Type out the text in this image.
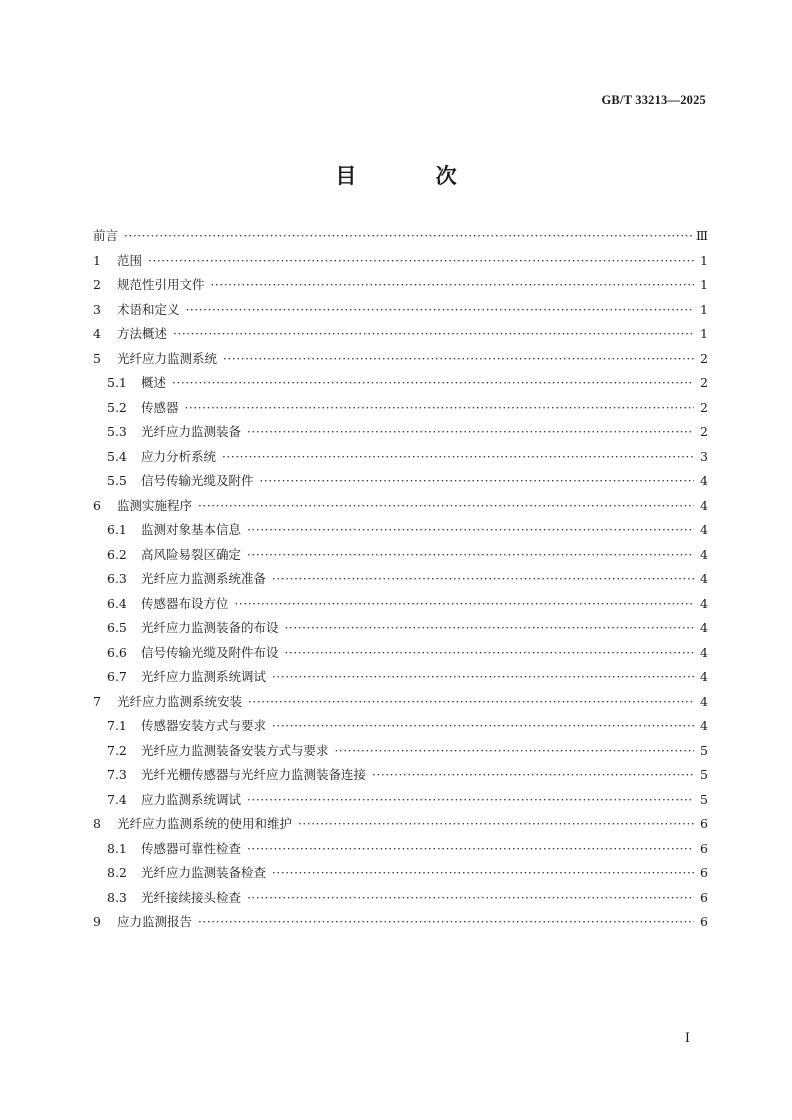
GB/T 33213—2025
目 次
前言 ·····	Ⅲ
1	范围 ·····	1
2	规范性引用文件 ·····	1
3	术语和定义 ·····	1
4	方法概述 ·····	1
5	光纤应力监测系统 ·····	2
5.1	概述 ·····	2
5.2	传感器 ·····	2
5.3	光纤应力监测装备 ·····	2
5.4	应力分析系统 ·····	3
5.5	信号传输光缆及附件 ·····	4
6	监测实施程序 ·····	4
6.1	监测对象基本信息 ·····	4
6.2	高风险易裂区确定 ·····	4
6.3	光纤应力监测系统准备 ·····	4
6.4	传感器布设方位 ·····	4
6.5	光纤应力监测装备的布设 ·····	4
6.6	信号传输光缆及附件布设 ·····	4
6.7	光纤应力监测系统调试 ·····	4
7	光纤应力监测系统安装 ·····	4
7.1	传感器安装方式与要求 ·····	4
7.2	光纤应力监测装备安装方式与要求 ·····	5
7.3	光纤光栅传感器与光纤应力监测装备连接 ·····	5
7.4	应力监测系统调试 ·····	5
8	光纤应力监测系统的使用和维护 ·····	6
8.1	传感器可靠性检查 ·····	6
8.2	光纤应力监测装备检查 ·····	6
8.3	光纤接续接头检查 ·····	6
9	应力监测报告 ·····	6
Ⅰ
